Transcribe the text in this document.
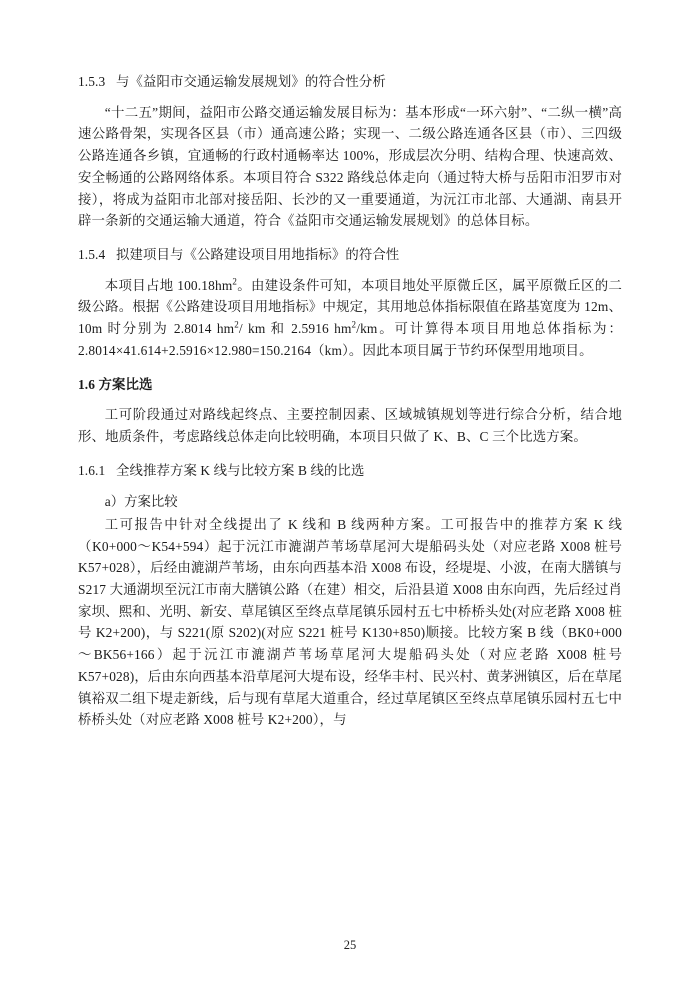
1.5.3 与《益阳市交通运输发展规划》的符合性分析

“十二五”期间，益阳市公路交通运输发展目标为：基本形成“一环六射”、“二纵一横”高速公路骨架，实现各区县（市）通高速公路；实现一、二级公路连通各区县（市）、三四级公路连通各乡镇，宜通畅的行政村通畅率达 100%，形成层次分明、结构合理、快速高效、安全畅通的公路网络体系。本项目符合 S322 路线总体走向（通过特大桥与岳阳市汨罗市对接），将成为益阳市北部对接岳阳、长沙的又一重要通道，为沅江市北部、大通湖、南县开辟一条新的交通运输大通道，符合《益阳市交通运输发展规划》的总体目标。

1.5.4 拟建项目与《公路建设项目用地指标》的符合性

本项目占地 $100.18hm^2$。由建设条件可知，本项目地处平原微丘区，属平原微丘区的二级公路。根据《公路建设项目用地指标》中规定，其用地总体指标限值在路基宽度为 12m、10m 时分别为 2.8014 $hm^2/$ km 和 2.5916 $hm^2/km$。可计算得本项目用地总体指标为：2.8014×41.614+2.5916×12.980=150.2164（km）。因此本项目属于节约环保型用地项目。

1.6 方案比选

工可阶段通过对路线起终点、主要控制因素、区域城镇规划等进行综合分析，结合地形、地质条件，考虑路线总体走向比较明确，本项目只做了 K、B、C 三个比选方案。

1.6.1 全线推荐方案 K 线与比较方案 B 线的比选
a）方案比较

工可报告中针对全线提出了 K 线和 B 线两种方案。工可报告中的推荐方案 K 线（K0+000～K54+594）起于沅江市漉湖芦苇场草尾河大堤船码头处（对应老路 X008 桩号 K57+028），后经由漉湖芦苇场，由东向西基本沿 X008 布设，经堤堤、小波，在南大膳镇与 S217 大通湖坝至沅江市南大膳镇公路（在建）相交，后沿县道 X008 由东向西，先后经过肖家坝、熙和、光明、新安、草尾镇区至终点草尾镇乐园村五七中桥桥头处(对应老路 X008 桩号 K2+200)，与 S221(原 S202)(对应 S221 桩号 K130+850)顺接。比较方案 B 线（BK0+000～BK56+166）起于沅江市漉湖芦苇场草尾河大堤船码头处（对应老路 X008 桩号 K57+028)，后由东向西基本沿草尾河大堤布设，经华丰村、民兴村、黄茅洲镇区，后在草尾镇裕双二组下堤走新线，后与现有草尾大道重合，经过草尾镇区至终点草尾镇乐园村五七中桥桥头处（对应老路 X008 桩号 K2+200），与

25
